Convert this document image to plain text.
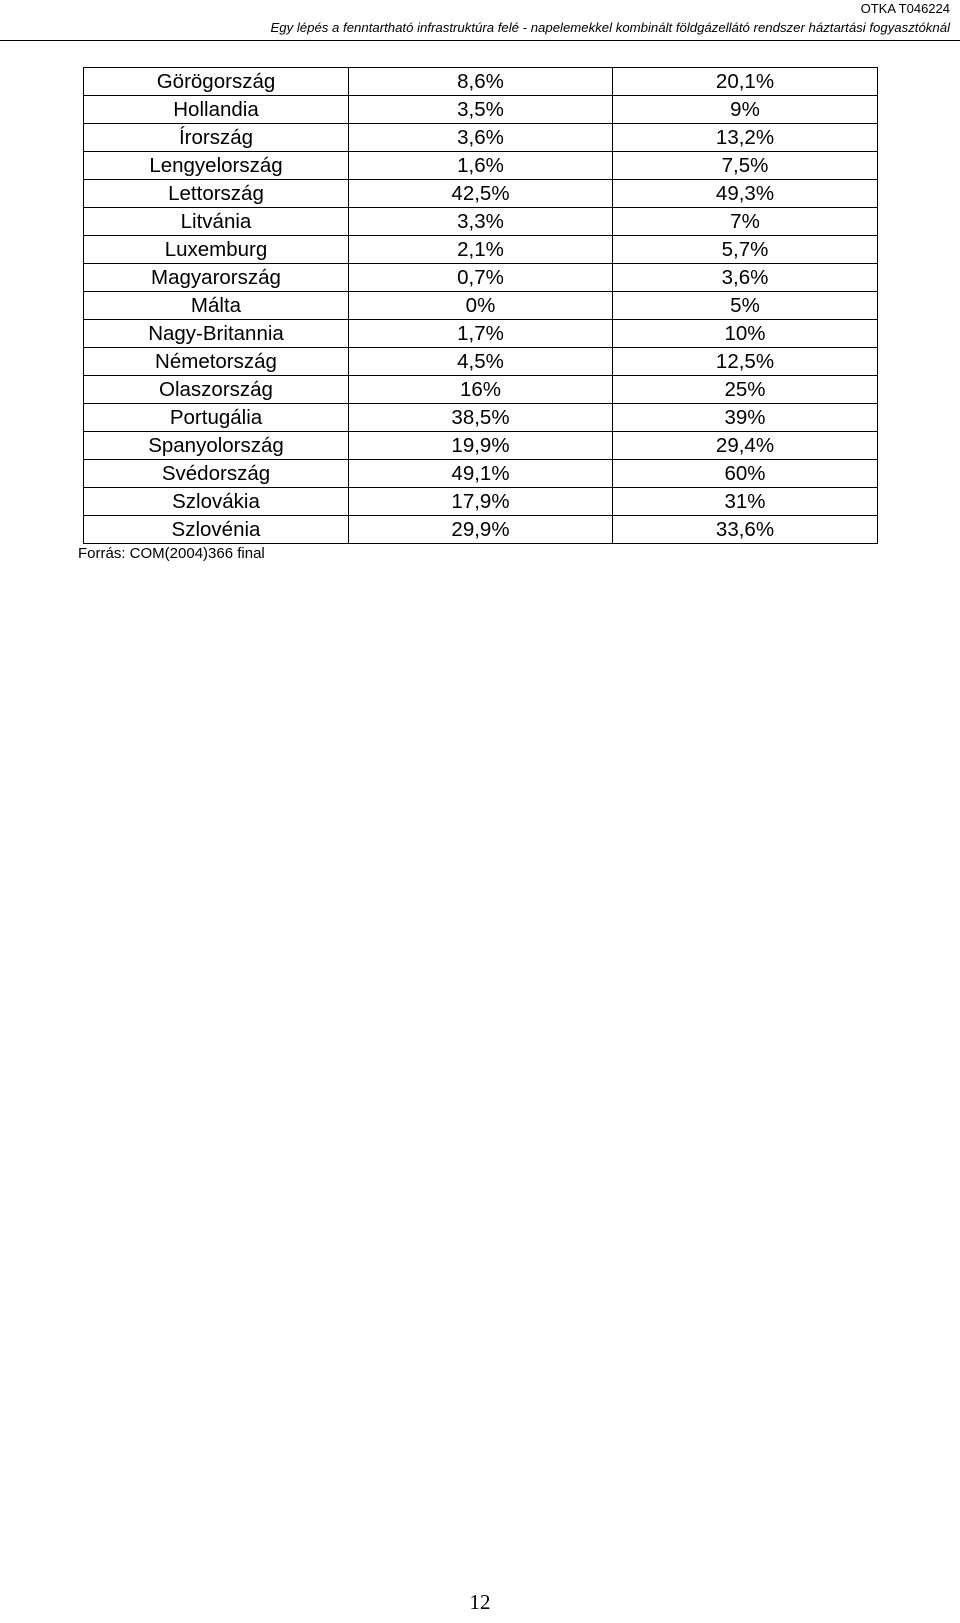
OTKA T046224
Egy lépés a fenntartható infrastruktúra felé - napelemekkel kombinált földgázellátó rendszer háztartási fogyasztóknál
Görögország	8,6%	20,1%
Hollandia	3,5%	9%
Írország	3,6%	13,2%
Lengyelország	1,6%	7,5%
Lettország	42,5%	49,3%
Litvánia	3,3%	7%
Luxemburg	2,1%	5,7%
Magyarország	0,7%	3,6%
Málta	0%	5%
Nagy-Britannia	1,7%	10%
Németország	4,5%	12,5%
Olaszország	16%	25%
Portugália	38,5%	39%
Spanyolország	19,9%	29,4%
Svédország	49,1%	60%
Szlovákia	17,9%	31%
Szlovénia	29,9%	33,6%
Forrás: COM(2004)366 final
12
